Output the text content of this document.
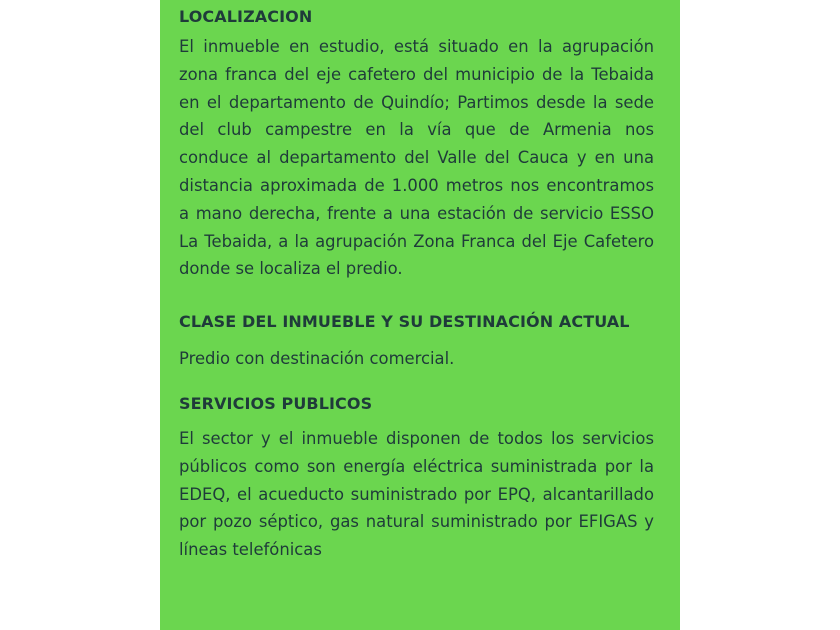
LOCALIZACION

El inmueble en estudio, está situado en la agrupación zona franca del eje cafetero del municipio de la Tebaida en el departamento de Quindío; Partimos desde la sede del club campestre en la vía que de Armenia nos conduce al departamento del Valle del Cauca y en una distancia aproximada de 1.000 metros nos encontramos a mano derecha, frente a una estación de servicio ESSO La Tebaida, a la agrupación Zona Franca del Eje Cafetero donde se localiza el predio.

CLASE DEL INMUEBLE Y SU DESTINACIÓN ACTUAL

Predio con destinación comercial.

SERVICIOS PUBLICOS

El sector y el inmueble disponen de todos los servicios públicos como son energía eléctrica suministrada por la EDEQ, el acueducto suministrado por EPQ, alcantarillado por pozo séptico, gas natural suministrado por EFIGAS y líneas telefónicas
